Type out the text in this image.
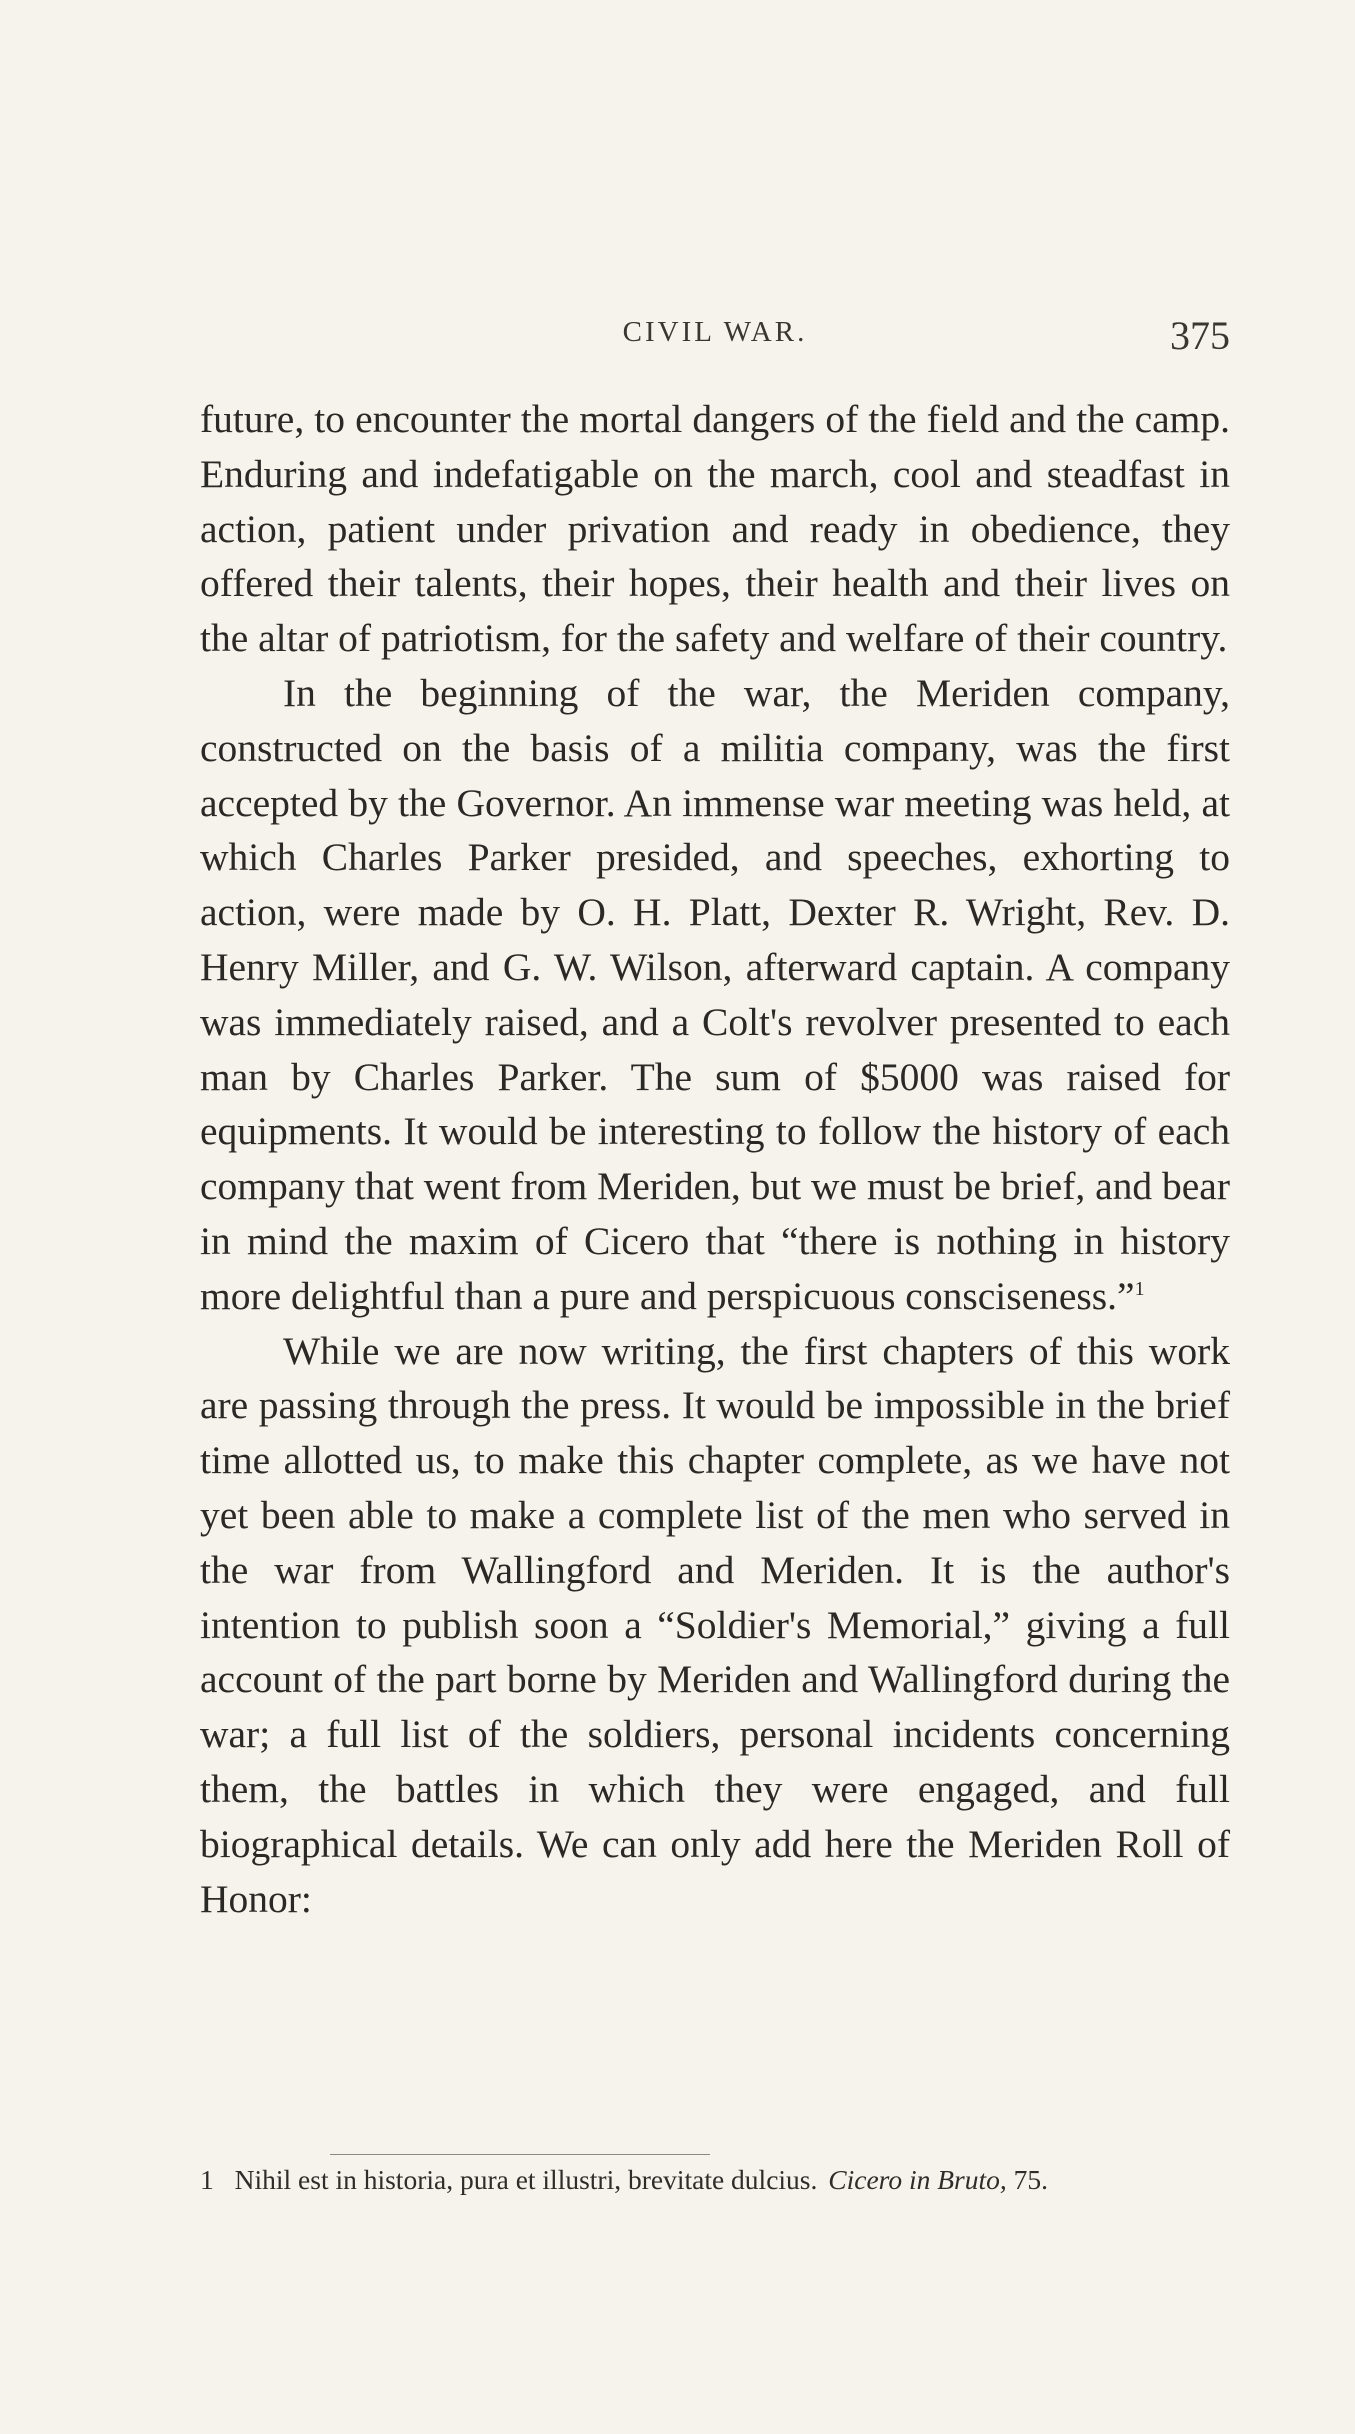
CIVIL WAR.	375

future, to encounter the mortal dangers of the field and the camp. Enduring and indefatigable on the march, cool and steadfast in action, patient under privation and ready in obedience, they offered their talents, their hopes, their health and their lives on the altar of patriotism, for the safety and welfare of their country.

In the beginning of the war, the Meriden company, constructed on the basis of a militia company, was the first accepted by the Governor. An immense war meeting was held, at which Charles Parker presided, and speeches, exhorting to action, were made by O. H. Platt, Dexter R. Wright, Rev. D. Henry Miller, and G. W. Wilson, afterward captain. A company was immediately raised, and a Colt's revolver presented to each man by Charles Parker. The sum of $5000 was raised for equipments. It would be interesting to follow the history of each company that went from Meriden, but we must be brief, and bear in mind the maxim of Cicero that “there is nothing in history more delightful than a pure and perspicuous consciseness.”$^1$

While we are now writing, the first chapters of this work are passing through the press. It would be impossible in the brief time allotted us, to make this chapter complete, as we have not yet been able to make a complete list of the men who served in the war from Wallingford and Meriden. It is the author's intention to publish soon a “Soldier's Memorial,” giving a full account of the part borne by Meriden and Wallingford during the war; a full list of the soldiers, personal incidents concerning them, the battles in which they were engaged, and full biographical details. We can only add here the Meriden Roll of Honor:

1 Nihil est in historia, pura et illustri, brevitate dulcius. Cicero in Bruto, 75.
